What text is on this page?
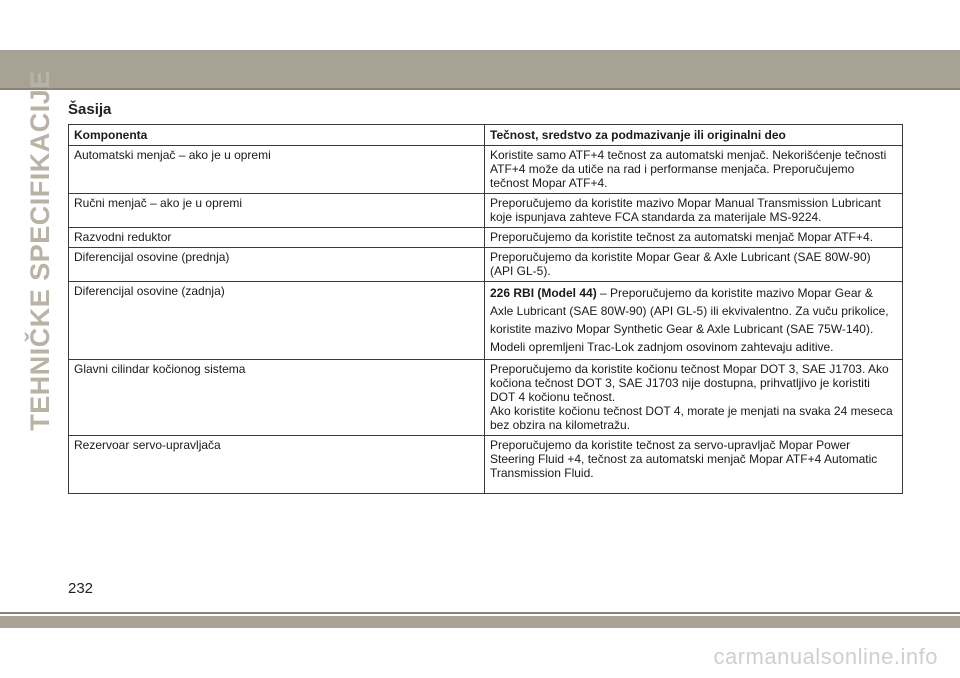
TEHNIČKE SPECIFIKACIJE Šasija
Komponenta	Tečnost, sredstvo za podmazivanje ili originalni deo
Automatski menjač – ako je u opremi	Koristite samo ATF+4 tečnost za automatski menjač. Nekorišćenje tečnosti ATF+4 može da utiče na rad i performanse menjača. Preporučujemo tečnost Mopar ATF+4.
Ručni menjač – ako je u opremi	Preporučujemo da koristite mazivo Mopar Manual Transmission Lubricant koje ispunjava zahteve FCA standarda za materijale MS-9224.
Razvodni reduktor	Preporučujemo da koristite tečnost za automatski menjač Mopar ATF+4.
Diferencijal osovine (prednja)	Preporučujemo da koristite Mopar Gear & Axle Lubricant (SAE 80W-90) (API GL-5).
Diferencijal osovine (zadnja)	226 RBI (Model 44) – Preporučujemo da koristite mazivo Mopar Gear & Axle Lubricant (SAE 80W-90) (API GL-5) ili ekvivalentno. Za vuču prikolice, koristite mazivo Mopar Synthetic Gear & Axle Lubricant (SAE 75W-140). Modeli opremljeni Trac-Lok zadnjom osovinom zahtevaju aditive.
Glavni cilindar kočionog sistema	Preporučujemo da koristite kočionu tečnost Mopar DOT 3, SAE J1703. Ako kočiona tečnost DOT 3, SAE J1703 nije dostupna, prihvatljivo je koristiti DOT 4 kočionu tečnost.
Ako koristite kočionu tečnost DOT 4, morate je menjati na svaka 24 meseca bez obzira na kilometražu.

Rezervoar servo-upravljača	Preporučujemo da koristite tečnost za servo-upravljač Mopar Power Steering Fluid +4, tečnost za automatski menjač Mopar ATF+4 Automatic Transmission Fluid.
232
carmanualsonline.info
